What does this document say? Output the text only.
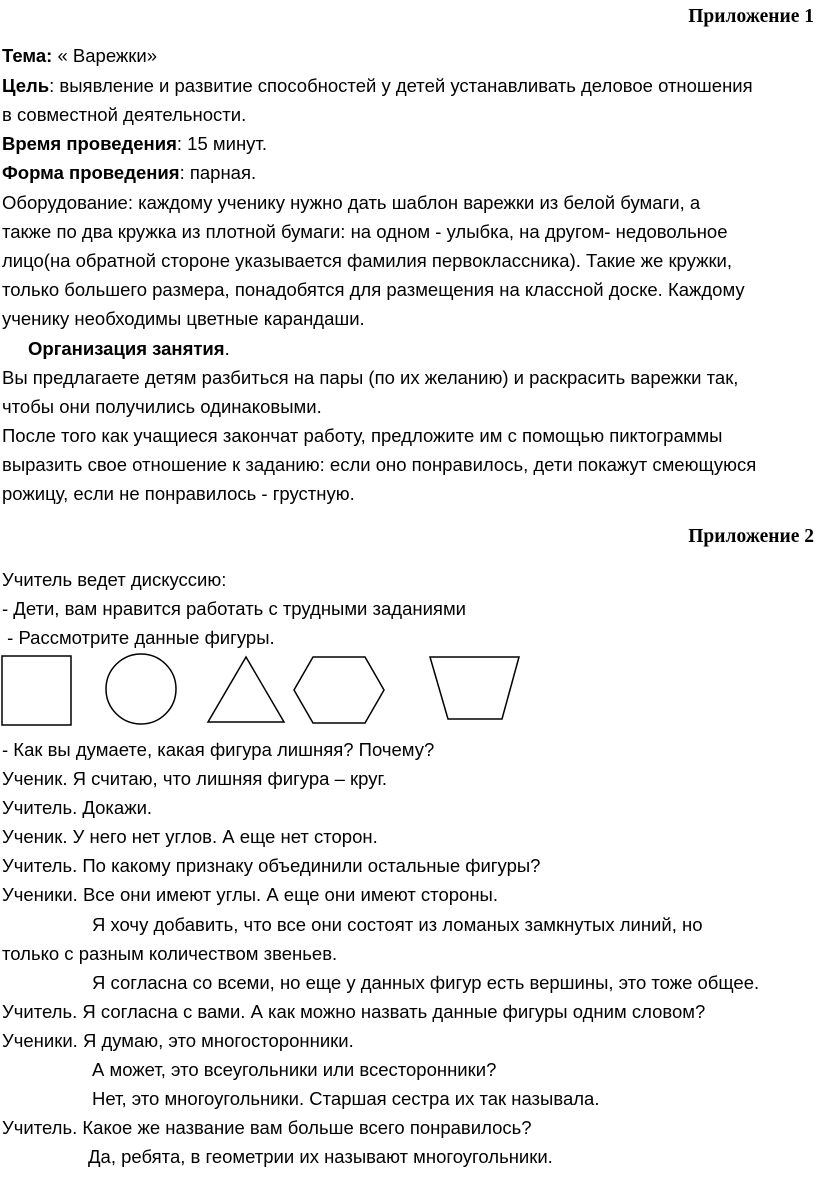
Приложение 1
Тема: « Варежки»
Цель: выявление и развитие способностей у детей устанавливать деловое отношения
в совместной деятельности.
Время проведения: 15 минут.
Форма проведения: парная.
Оборудование: каждому ученику нужно дать шаблон варежки из белой бумаги, а
также по два кружка из плотной бумаги: на одном - улыбка, на другом- недовольное
лицо(на обратной стороне указывается фамилия первоклассника). Такие же кружки,
только большего размера, понадобятся для размещения на классной доске. Каждому
ученику необходимы цветные карандаши.
Организация занятия.
Вы предлагаете детям разбиться на пары (по их желанию) и раскрасить варежки так,
чтобы они получились одинаковыми.
После того как учащиеся закончат работу, предложите им с помощью пиктограммы
выразить свое отношение к заданию: если оно понравилось, дети покажут смеющуюся
рожицу, если не понравилось - грустную.
Приложение 2
Учитель ведет дискуссию:
- Дети, вам нравится работать с трудными заданиями
- Рассмотрите данные фигуры.
- Как вы думаете, какая фигура лишняя? Почему?
Ученик. Я считаю, что лишняя фигура – круг.
Учитель. Докажи.
Ученик. У него нет углов. А еще нет сторон.
Учитель. По какому признаку объединили остальные фигуры?
Ученики. Все они имеют углы. А еще они имеют стороны.
Я хочу добавить, что все они состоят из ломаных замкнутых линий, но
только с разным количеством звеньев.
Я согласна со всеми, но еще у данных фигур есть вершины, это тоже общее.
Учитель. Я согласна с вами. А как можно назвать данные фигуры одним словом?
Ученики. Я думаю, это многосторонники.
А может, это всеугольники или всесторонники?
Нет, это многоугольники. Старшая сестра их так называла.
Учитель. Какое же название вам больше всего понравилось?
Да, ребята, в геометрии их называют многоугольники.
